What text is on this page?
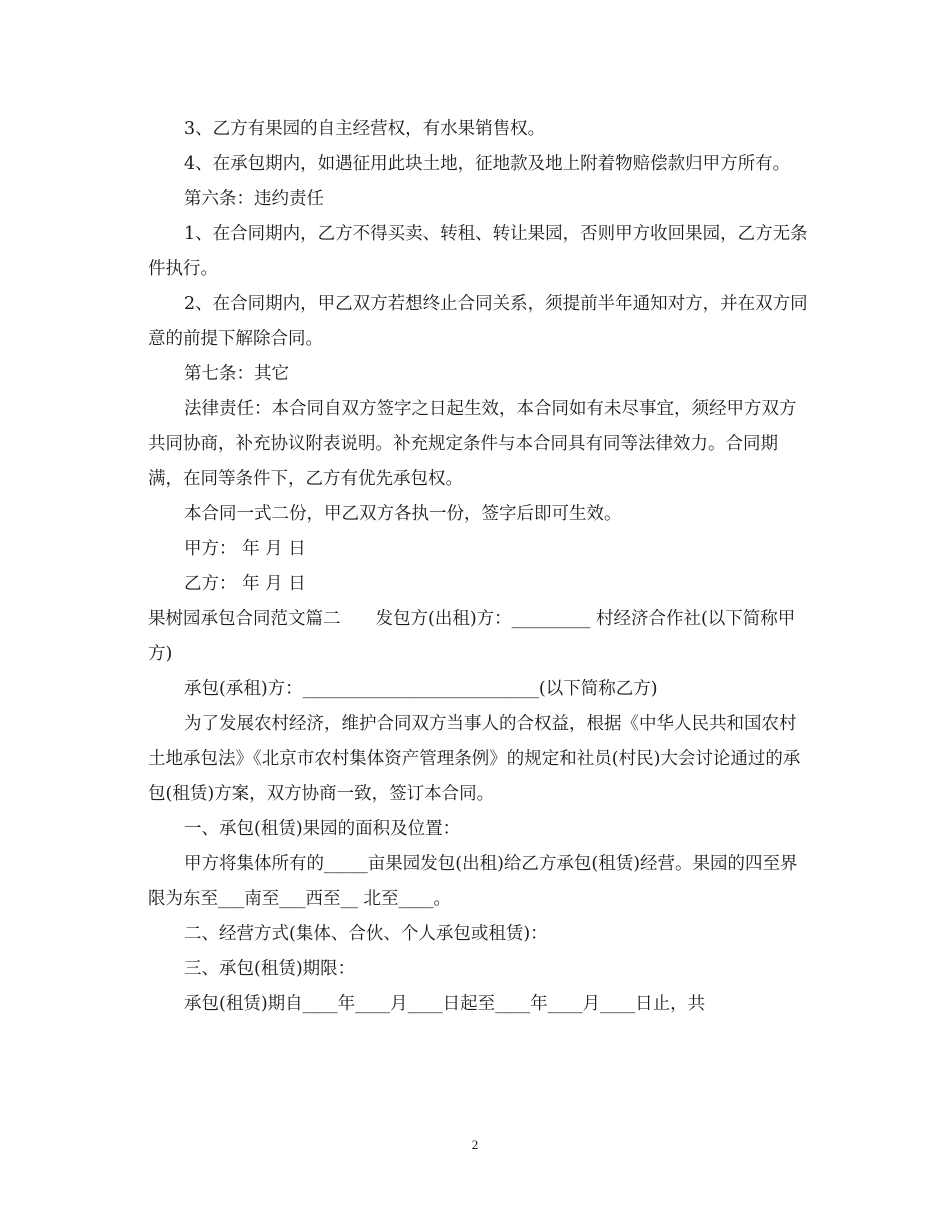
3、乙方有果园的自主经营权，有水果销售权。

4、在承包期内，如遇征用此块土地，征地款及地上附着物赔偿款归甲方所有。

第六条：违约责任

1、在合同期内，乙方不得买卖、转租、转让果园，否则甲方收回果园，乙方无条件执行。

2、在合同期内，甲乙双方若想终止合同关系，须提前半年通知对方，并在双方同意的前提下解除合同。

第七条：其它

法律责任：本合同自双方签字之日起生效，本合同如有未尽事宜，须经甲方双方共同协商，补充协议附表说明。补充规定条件与本合同具有同等法律效力。合同期满，在同等条件下，乙方有优先承包权。

本合同一式二份，甲乙双方各执一份，签字后即可生效。

甲方： 年 月 日

乙方： 年 月 日

果树园承包合同范文篇二　　发包方(出租)方：_________ 村经济合作社(以下简称甲方)

承包(承租)方：___________________________(以下简称乙方)

为了发展农村经济，维护合同双方当事人的合权益，根据《中华人民共和国农村土地承包法》《北京市农村集体资产管理条例》的规定和社员(村民)大会讨论通过的承包(租赁)方案，双方协商一致，签订本合同。

一、承包(租赁)果园的面积及位置：

甲方将集体所有的_____亩果园发包(出租)给乙方承包(租赁)经营。果园的四至界限为东至___南至___西至__ 北至____。

二、经营方式(集体、合伙、个人承包或租赁)：

三、承包(租赁)期限：

承包(租赁)期自____年____月____日起至____年____月____日止，共

2
